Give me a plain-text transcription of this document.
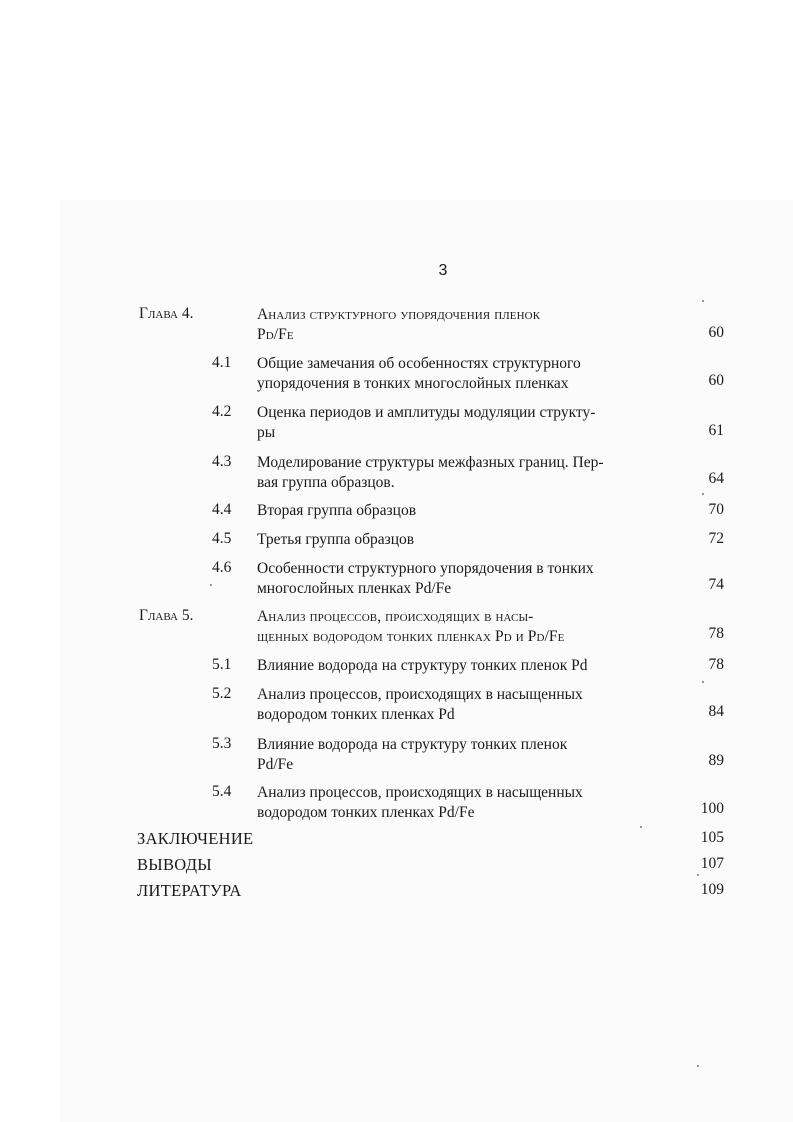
3
Глава 4.	Анализ структурного упорядочения пленок
Pd/Fe	60
4.1 Общие замечания об особенностях структурного
упорядочения в тонких многослойных пленках	60
4.2 Оценка периодов и амплитуды модуляции структу-
ры	61
4.3 Моделирование структуры межфазных границ. Пер-
вая группа образцов.	64
4.4 Вторая группа образцов	70
4.5 Третья группа образцов	72
4.6 Особенности структурного упорядочения в тонких
многослойных пленках Pd/Fe	74
Глава 5.	Анализ процессов, происходящих в насы-
щенных водородом тонких пленках Pd и Pd/Fe	78
5.1 Влияние водорода на структуру тонких пленок Pd	78
5.2 Анализ процессов, происходящих в насыщенных
водородом тонких пленках Pd	84
5.3 Влияние водорода на структуру тонких пленок
Pd/Fe	89
5.4 Анализ процессов, происходящих в насыщенных
водородом тонких пленках Pd/Fe	100
ЗАКЛЮЧЕНИЕ	105
ВЫВОДЫ	107
ЛИТЕРАТУРА	109
